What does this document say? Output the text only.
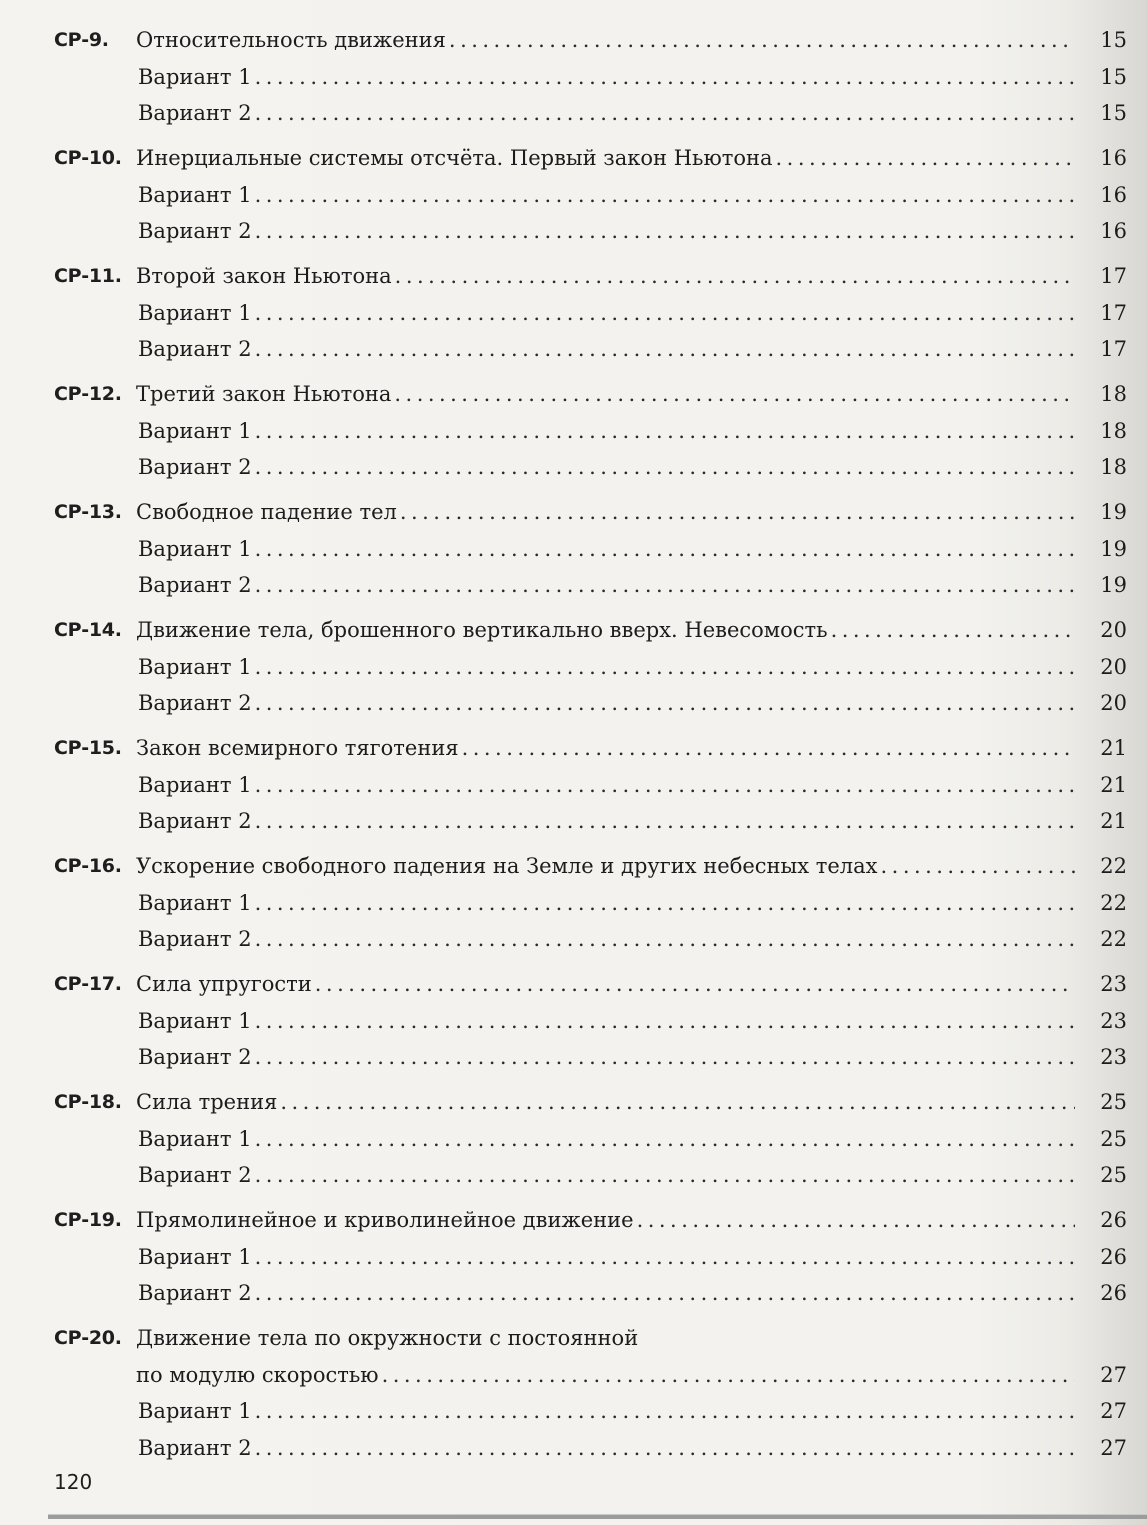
СР-9. Относительность движения . . .	15
Вариант 1 . . .	15
Вариант 2 . . .	15
СР-10. Инерциальные системы отсчёта. Первый закон Ньютона . . .	16
Вариант 1 . . .	16
Вариант 2 . . .	16
СР-11. Второй закон Ньютона . . .	17
Вариант 1 . . .	17
Вариант 2 . . .	17
СР-12. Третий закон Ньютона . . .	18
Вариант 1 . . .	18
Вариант 2 . . .	18
СР-13. Свободное падение тел . . .	19
Вариант 1 . . .	19
Вариант 2 . . .	19
СР-14. Движение тела, брошенного вертикально вверх. Невесомость . . .	20
Вариант 1 . . .	20
Вариант 2 . . .	20
СР-15. Закон всемирного тяготения . . .	21
Вариант 1 . . .	21
Вариант 2 . . .	21
СР-16. Ускорение свободного падения на Земле и других небесных телах . . .	22
Вариант 1 . . .	22
Вариант 2 . . .	22
СР-17. Сила упругости . . .	23
Вариант 1 . . .	23
Вариант 2 . . .	23
СР-18. Сила трения . . .	25
Вариант 1 . . .	25
Вариант 2 . . .	25
СР-19. Прямолинейное и криволинейное движение . . .	26
Вариант 1 . . .	26
Вариант 2 . . .	26
СР-20. Движение тела по окружности с постоянной
по модулю скоростью . . .	27
Вариант 1 . . .	27
Вариант 2 . . .	27
120
